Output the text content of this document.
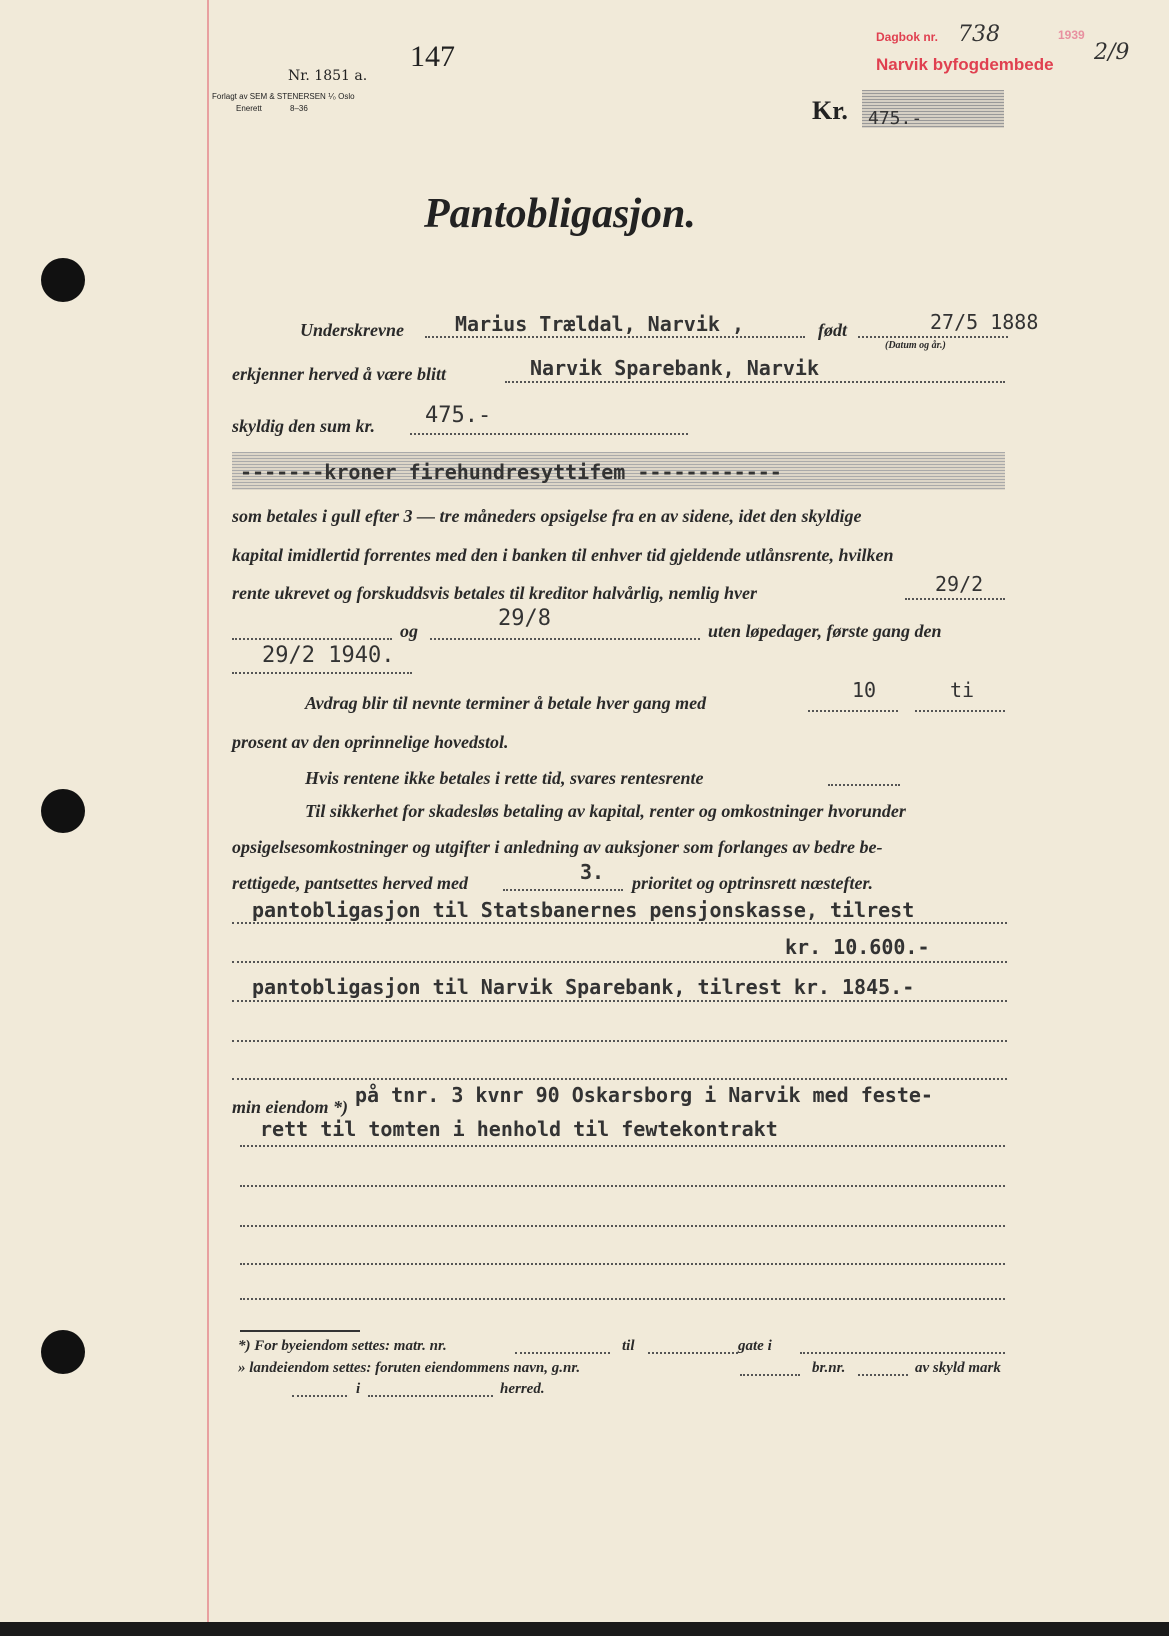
147
Nr. 1851 a.
Forlagt av SEM & STENERSEN ⅟₀ Oslo
Enerett	8–36	Kr. 475.-
Dagbok nr. 738	1939
Narvik byfogdembede 2/9
Pantobligasjon.
Underskrevne	Marius Trældal, Narvik ,	født	27/5 1888
(Datum og år.)
erkjenner herved å være blitt	Narvik Sparebank, Narvik
skyldig den sum kr. 475.-
-------kroner firehundresyttifem ------------
som betales i gull efter 3 — tre måneders opsigelse fra en av sidene, idet den skyldige
kapital imidlertid forrentes med den i banken til enhver tid gjeldende utlånsrente, hvilken
rente ukrevet og forskuddsvis betales til kreditor halvårlig, nemlig hver	29/2
og	29/8	uten løpedager, første gang den
29/2 1940.
Avdrag blir til nevnte terminer å betale hver gang med
10	ti
prosent av den oprinnelige hovedstol.
Hvis rentene ikke betales i rette tid, svares rentesrente
Til sikkerhet for skadesløs betaling av kapital, renter og omkostninger hvorunder
opsigelsesomkostninger og utgifter i anledning av auksjoner som forlanges av bedre be-
rettigede, pantsettes herved med	3. prioritet og optrinsrett næstefter.
pantobligasjon til Statsbanernes pensjonskasse, tilrest
kr. 10.600.-
pantobligasjon til Narvik Sparebank, tilrest kr. 1845.-
min eiendom *) på tnr. 3 kvnr 90 Oskarsborg i Narvik med feste-
rett til tomten i henhold til fewtekontrakt
*) For byeiendom settes: matr. nr.	til	gate i
» landeiendom settes: foruten eiendommens navn, g.nr.	br.nr.	av skyld mark
i	herred.
